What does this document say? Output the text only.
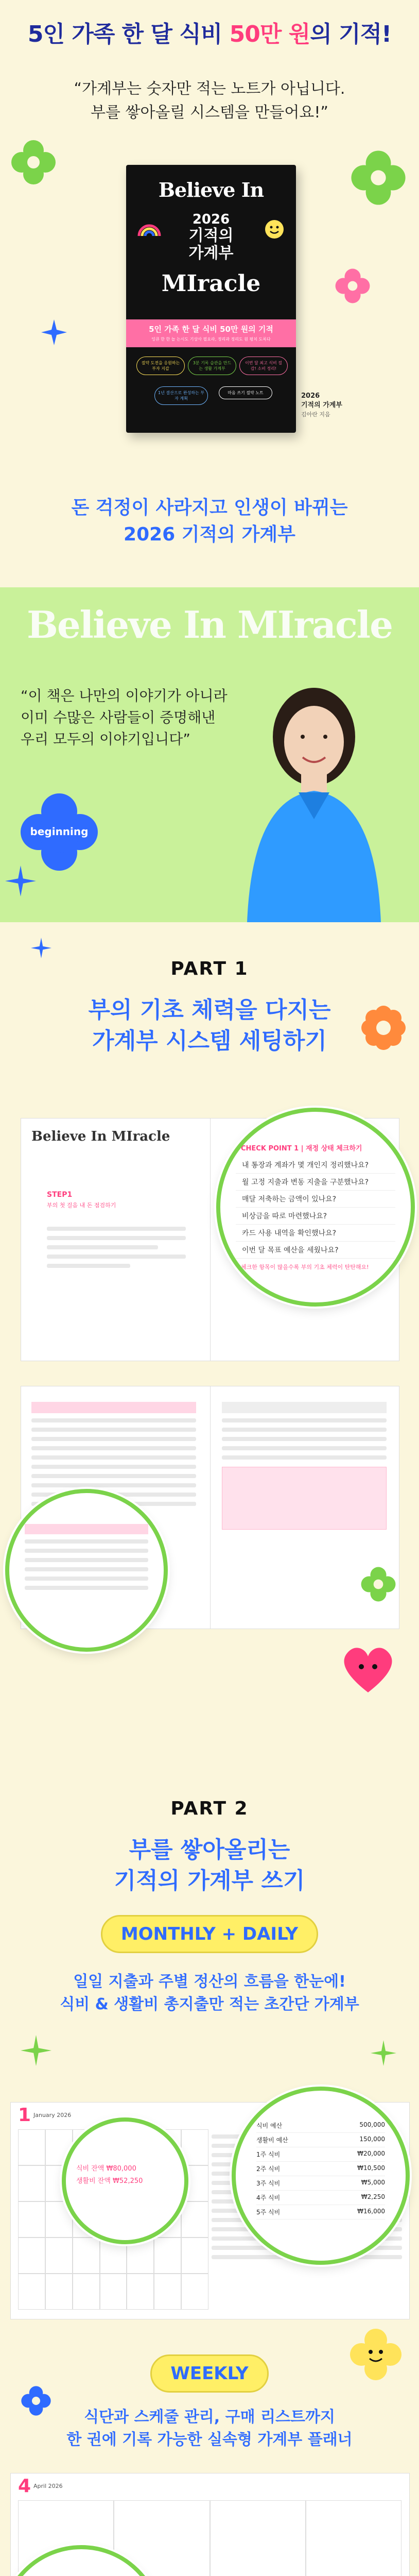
5인 가족 한 달 식비 50만 원의 기적!
“가계부는 숫자만 적는 노트가 아닙니다.
부를 쌓아올릴 시스템을 만들어요!”
Believe In
2026
기적의
가계부
MIracle
5인 가족 한 달 식비 50만 원의 기적
잉큐 한 한 놀 는시도 기상사 필요라, 정리과 정리도 원 평치 도록다
절약 도전을 응원하는 부자 지갑
3분 기록 습관을 만드는 생활 가계부
이번 달 최고 식비 절감! 소비 정리!
1년 결산으로 완성하는 부자 계획
마음 쓰기 절약 노트	2026
기적의 가계부
김아란 지음
돈 걱정이 사라지고 인생이 바뀌는
2026 기적의 가계부
Believe In MIracle
“이 책은 나만의 이야기가 아니라
이미 수많은 사람들이 증명해낸
우리 모두의 이야기입니다”
beginning
PART 1
부의 기초 체력을 다지는
가계부 시스템 세팅하기
Believe In MIracle
STEP1
부의 첫 걸음 내 돈 점검하기
CHECK POINT 1 | 재정 상태 체크하기
내 통장과 계좌가 몇 개인지 정리했나요?
월 고정 지출과 변동 지출을 구분했나요?
매달 저축하는 금액이 있나요?
비상금을 따로 마련했나요?
카드 사용 내역을 확인했나요?
이번 달 목표 예산을 세웠나요?
체크한 항목이 많을수록 부의 기초 체력이 탄탄해요!
PART 2
부를 쌓아올리는
기적의 가계부 쓰기
MONTHLY + DAILY
일일 지출과 주별 정산의 흐름을 한눈에!
식비 & 생활비 총지출만 적는 초간단 가계부
1 January 2026
식비 잔액 ₩80,000
생활비 잔액 ₩52,250
식비 예산	500,000
생활비 예산	150,000
1주 식비	₩20,000
2주 식비	₩10,500
3주 식비	₩5,000
4주 식비	₩2,250
5주 식비	₩16,000
WEEKLY
식단과 스케줄 관리, 구매 리스트까지
한 권에 기록 가능한 실속형 가계부 플래너
4 April 2026
